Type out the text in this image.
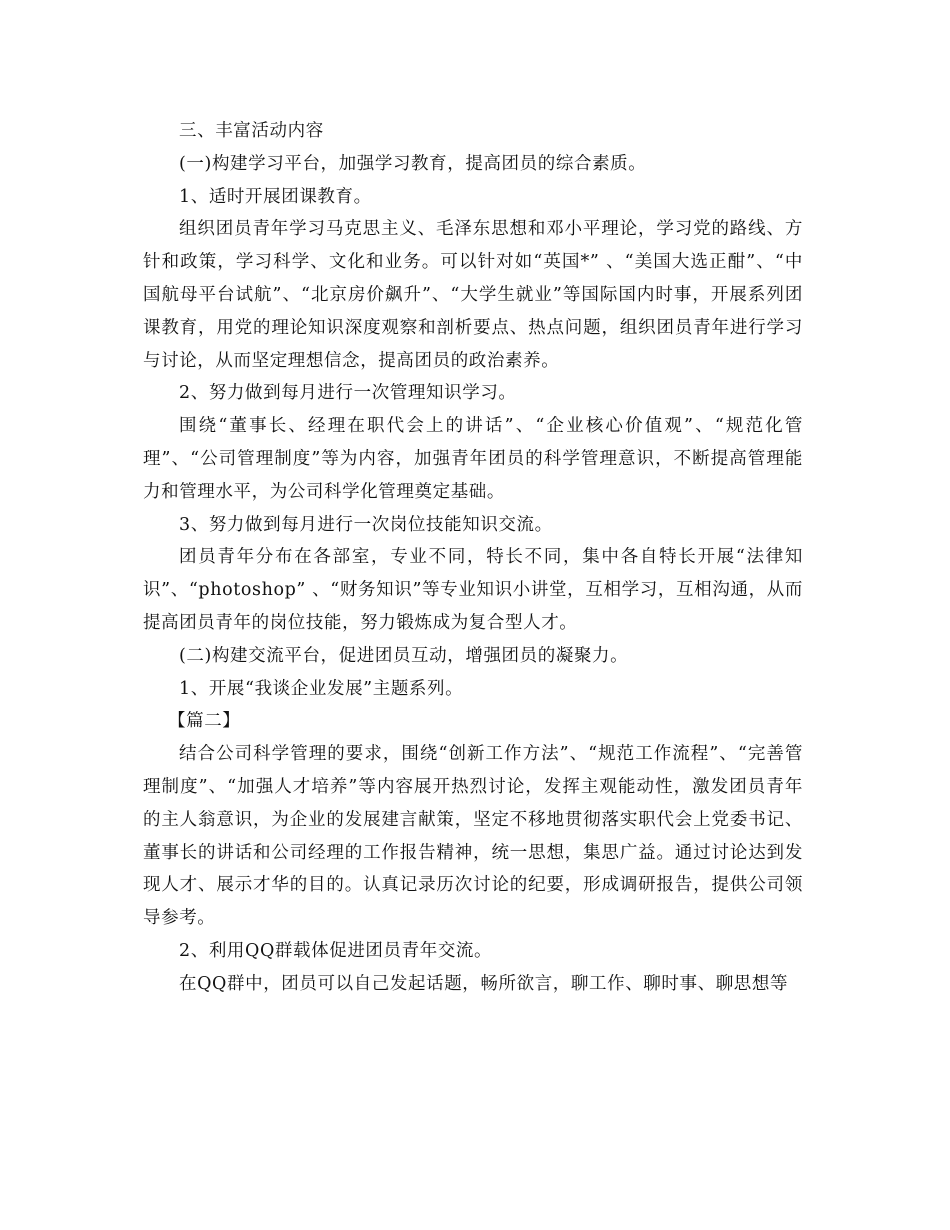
三、丰富活动内容

(一)构建学习平台，加强学习教育，提高团员的综合素质。

1、适时开展团课教育。

组织团员青年学习马克思主义、毛泽东思想和邓小平理论，学习党的路线、方针和政策，学习科学、文化和业务。可以针对如“英国*” 、“美国大选正酣”、“中国航母平台试航”、“北京房价飙升”、“大学生就业”等国际国内时事，开展系列团课教育，用党的理论知识深度观察和剖析要点、热点问题，组织团员青年进行学习与讨论，从而坚定理想信念，提高团员的政治素养。

2、努力做到每月进行一次管理知识学习。

围绕“董事长、经理在职代会上的讲话”、“企业核心价值观”、“规范化管理”、“公司管理制度”等为内容，加强青年团员的科学管理意识，不断提高管理能力和管理水平，为公司科学化管理奠定基础。

3、努力做到每月进行一次岗位技能知识交流。

团员青年分布在各部室，专业不同，特长不同，集中各自特长开展“法律知识”、“photoshop” 、“财务知识”等专业知识小讲堂，互相学习，互相沟通，从而提高团员青年的岗位技能，努力锻炼成为复合型人才。

(二)构建交流平台，促进团员互动，增强团员的凝聚力。

1、开展“我谈企业发展”主题系列。

【篇二】

结合公司科学管理的要求，围绕“创新工作方法”、“规范工作流程”、“完善管理制度”、“加强人才培养”等内容展开热烈讨论，发挥主观能动性，激发团员青年的主人翁意识，为企业的发展建言献策，坚定不移地贯彻落实职代会上党委书记、董事长的讲话和公司经理的工作报告精神，统一思想，集思广益。通过讨论达到发现人才、展示才华的目的。认真记录历次讨论的纪要，形成调研报告，提供公司领导参考。

2、利用QQ群载体促进团员青年交流。

在QQ群中，团员可以自己发起话题，畅所欲言，聊工作、聊时事、聊思想等
